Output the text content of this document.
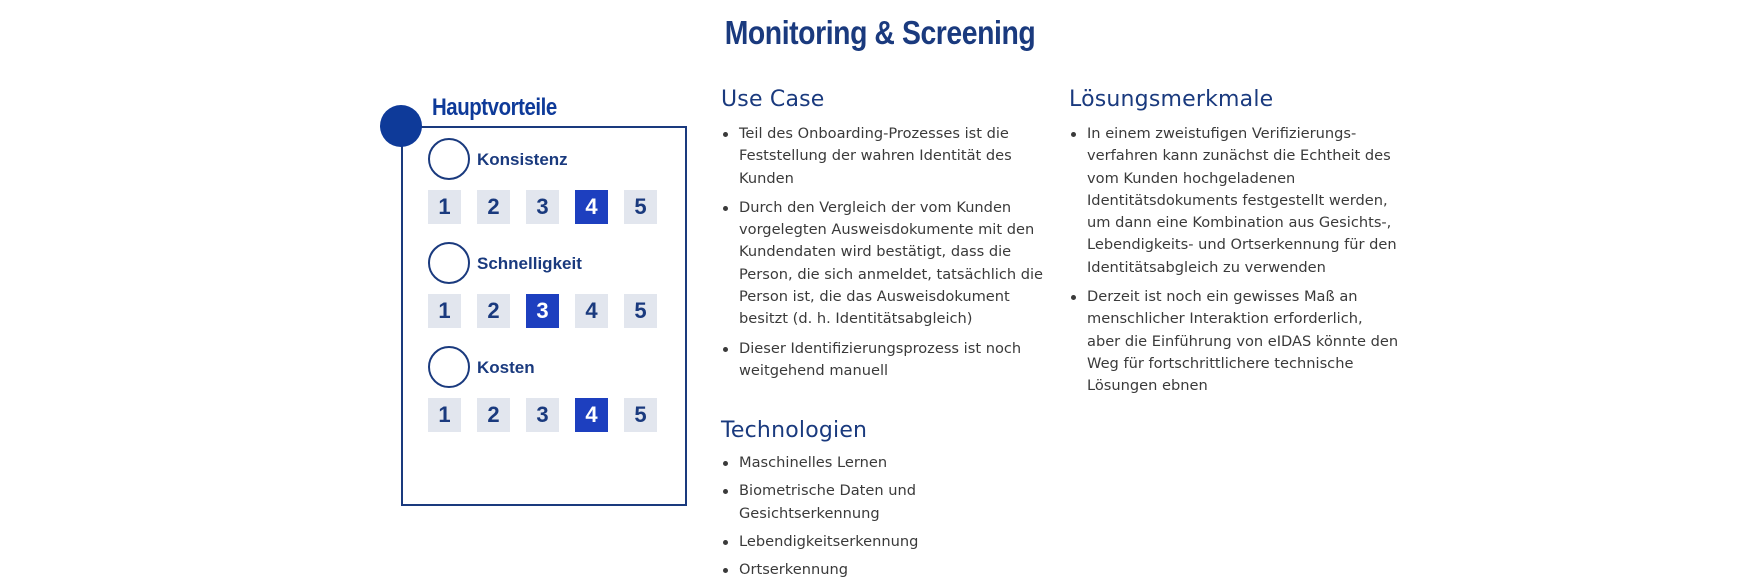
Monitoring & Screening
Hauptvorteile
Konsistenz
1	2	3	4	5
Schnelligkeit
1	2	3	4	5
Kosten
1	2	3	4	5
Use Case
Teil des Onboarding-Prozesses ist die Feststellung der wahren Identität des Kunden
Durch den Vergleich der vom Kunden vorgelegten Ausweisdokumente mit den Kundendaten wird bestätigt, dass die Person, die sich anmeldet, tatsächlich die Person ist, die das Ausweisdokument besitzt (d. h. Identitätsabgleich)
Dieser Identifizierungsprozess ist noch weitgehend manuell
Technologien
Maschinelles Lernen
Biometrische Daten und Gesichtserkennung
Lebendigkeitserkennung
Ortserkennung
Lösungsmerkmale
In einem zweistufigen Verifizierungs-verfahren kann zunächst die Echtheit des vom Kunden hochgeladenen Identitätsdokuments festgestellt werden, um dann eine Kombination aus Gesichts-, Lebendigkeits- und Ortserkennung für den Identitätsabgleich zu verwenden
Derzeit ist noch ein gewisses Maß an menschlicher Interaktion erforderlich, aber die Einführung von eIDAS könnte den Weg für fortschrittlichere technische Lösungen ebnen
